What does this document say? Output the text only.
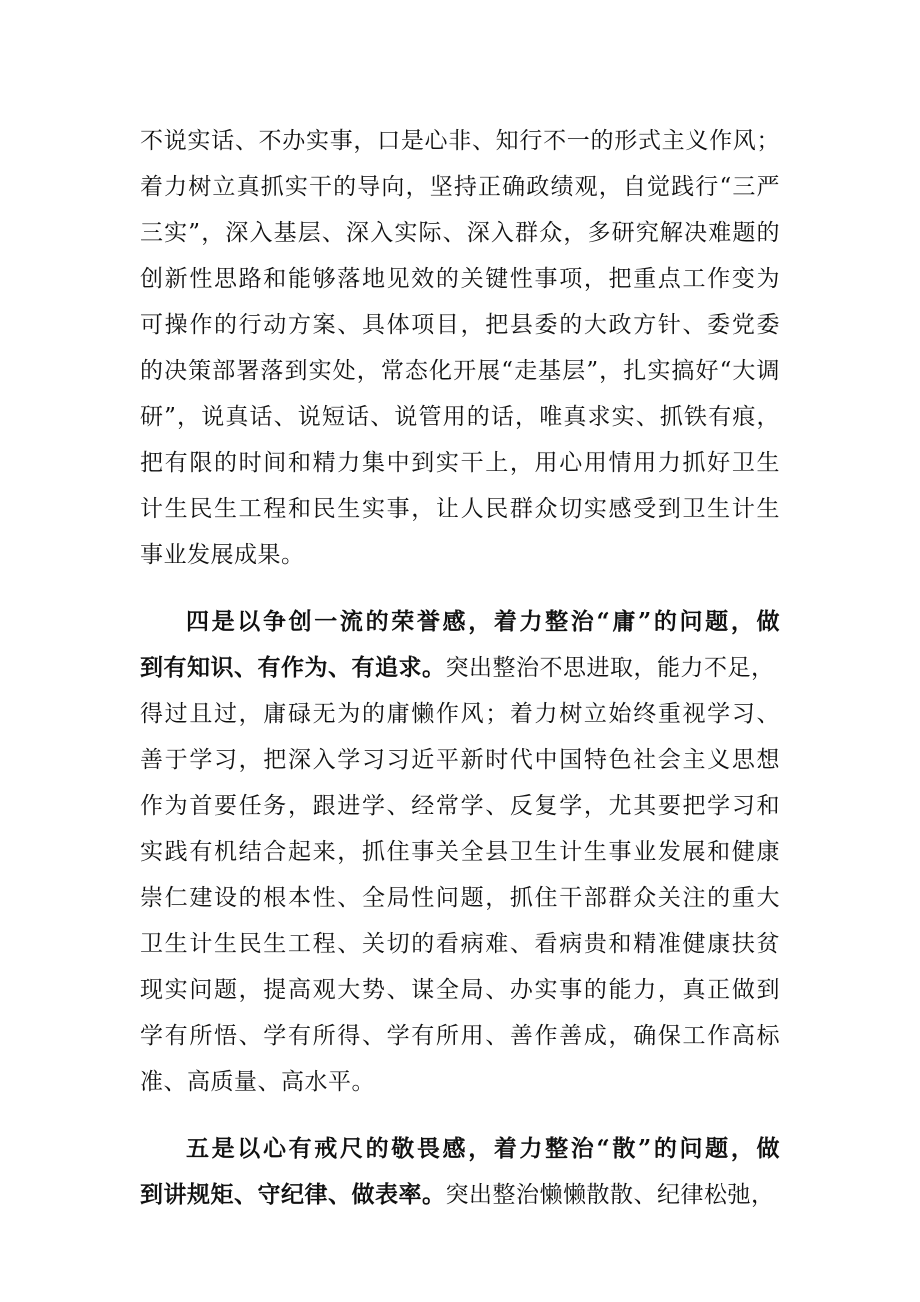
不说实话、不办实事，口是心非、知行不一的形式主义作风；
着力树立真抓实干的导向，坚持正确政绩观，自觉践行“三严
三实”，深入基层、深入实际、深入群众，多研究解决难题的
创新性思路和能够落地见效的关键性事项，把重点工作变为
可操作的行动方案、具体项目，把县委的大政方针、委党委
的决策部署落到实处，常态化开展“走基层”，扎实搞好“大调
研”，说真话、说短话、说管用的话，唯真求实、抓铁有痕，
把有限的时间和精力集中到实干上，用心用情用力抓好卫生
计生民生工程和民生实事，让人民群众切实感受到卫生计生
事业发展成果。
四是以争创一流的荣誉感，着力整治“庸”的问题，做
到有知识、有作为、有追求。突出整治不思进取，能力不足，
得过且过，庸碌无为的庸懒作风；着力树立始终重视学习、
善于学习，把深入学习习近平新时代中国特色社会主义思想
作为首要任务，跟进学、经常学、反复学，尤其要把学习和
实践有机结合起来，抓住事关全县卫生计生事业发展和健康
崇仁建设的根本性、全局性问题，抓住干部群众关注的重大
卫生计生民生工程、关切的看病难、看病贵和精准健康扶贫
现实问题，提高观大势、谋全局、办实事的能力，真正做到
学有所悟、学有所得、学有所用、善作善成，确保工作高标
准、高质量、高水平。
五是以心有戒尺的敬畏感，着力整治“散”的问题，做
到讲规矩、守纪律、做表率。突出整治懒懒散散、纪律松弛，
